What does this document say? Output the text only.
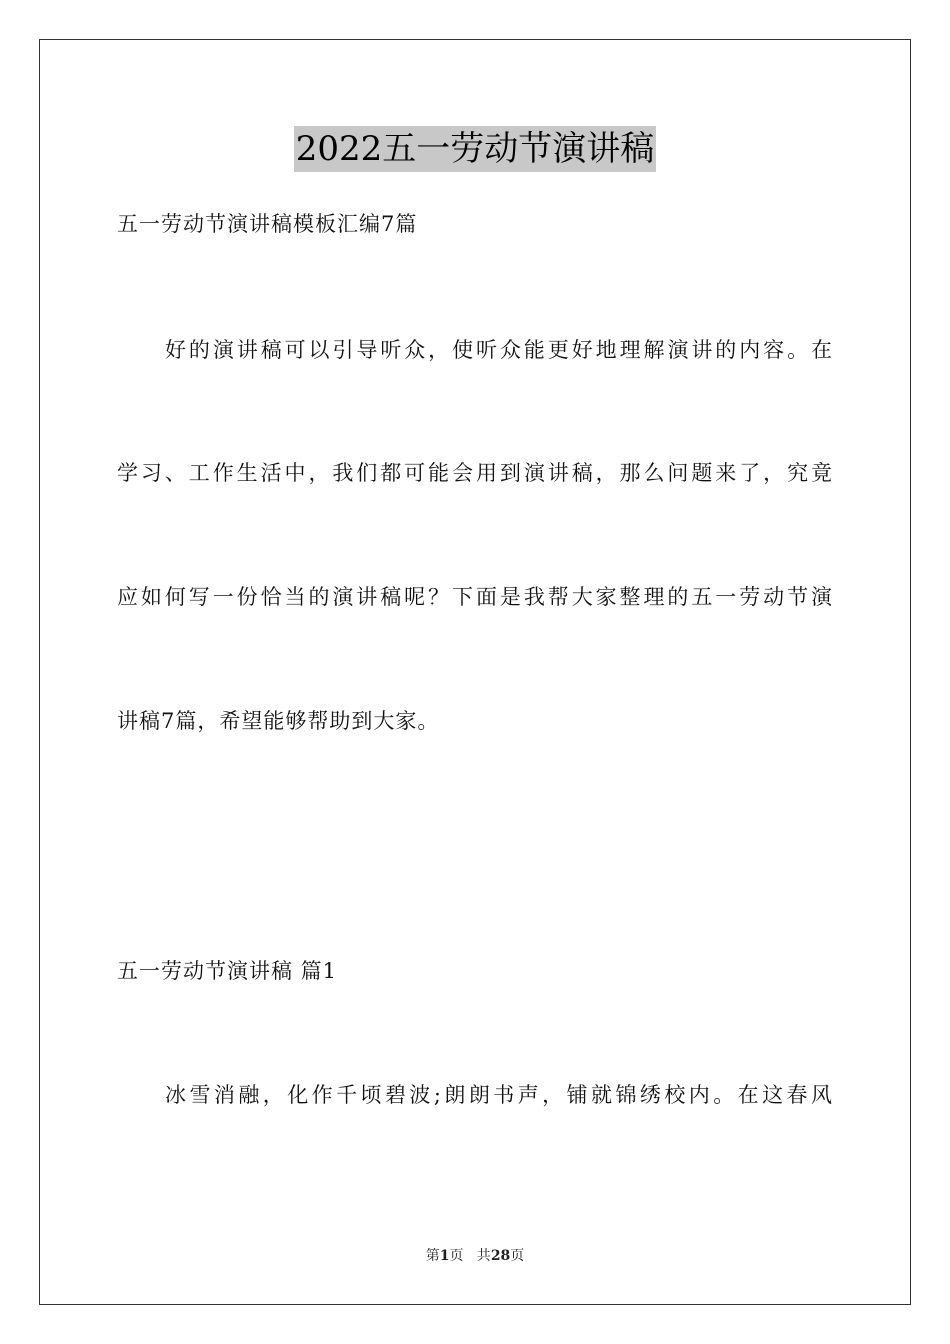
2022五一劳动节演讲稿
五一劳动节演讲稿模板汇编7篇
好的演讲稿可以引导听众，使听众能更好地理解演讲的内容。在
学习、工作生活中，我们都可能会用到演讲稿，那么问题来了，究竟
应如何写一份恰当的演讲稿呢？下面是我帮大家整理的五一劳动节演
讲稿7篇，希望能够帮助到大家。
五一劳动节演讲稿 篇1
冰雪消融，化作千顷碧波;朗朗书声，铺就锦绣校内。在这春风
第1页   共28页
